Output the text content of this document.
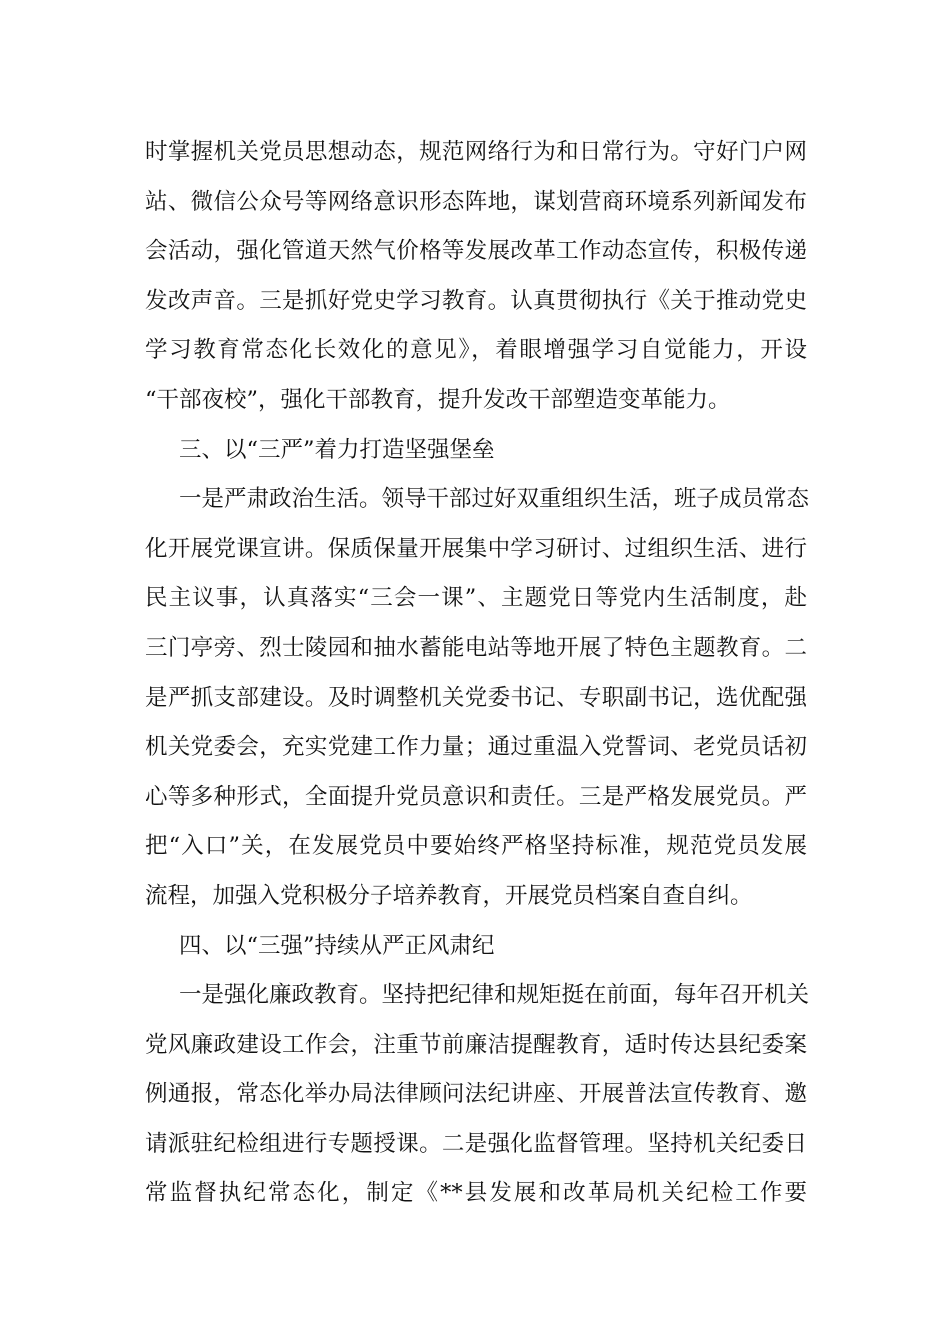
时掌握机关党员思想动态，规范网络行为和日常行为。守好门户网
站、微信公众号等网络意识形态阵地，谋划营商环境系列新闻发布
会活动，强化管道天然气价格等发展改革工作动态宣传，积极传递
发改声音。三是抓好党史学习教育。认真贯彻执行《关于推动党史
学习教育常态化长效化的意见》，着眼增强学习自觉能力，开设
“干部夜校”，强化干部教育，提升发改干部塑造变革能力。
三、以“三严”着力打造坚强堡垒
一是严肃政治生活。领导干部过好双重组织生活，班子成员常态
化开展党课宣讲。保质保量开展集中学习研讨、过组织生活、进行
民主议事，认真落实“三会一课”、主题党日等党内生活制度，赴
三门亭旁、烈士陵园和抽水蓄能电站等地开展了特色主题教育。二
是严抓支部建设。及时调整机关党委书记、专职副书记，选优配强
机关党委会，充实党建工作力量；通过重温入党誓词、老党员话初
心等多种形式，全面提升党员意识和责任。三是严格发展党员。严
把“入口”关，在发展党员中要始终严格坚持标准，规范党员发展
流程，加强入党积极分子培养教育，开展党员档案自查自纠。
四、以“三强”持续从严正风肃纪
一是强化廉政教育。坚持把纪律和规矩挺在前面，每年召开机关
党风廉政建设工作会，注重节前廉洁提醒教育，适时传达县纪委案
例通报，常态化举办局法律顾问法纪讲座、开展普法宣传教育、邀
请派驻纪检组进行专题授课。二是强化监督管理。坚持机关纪委日
常监督执纪常态化，制定《**县发展和改革局机关纪检工作要
